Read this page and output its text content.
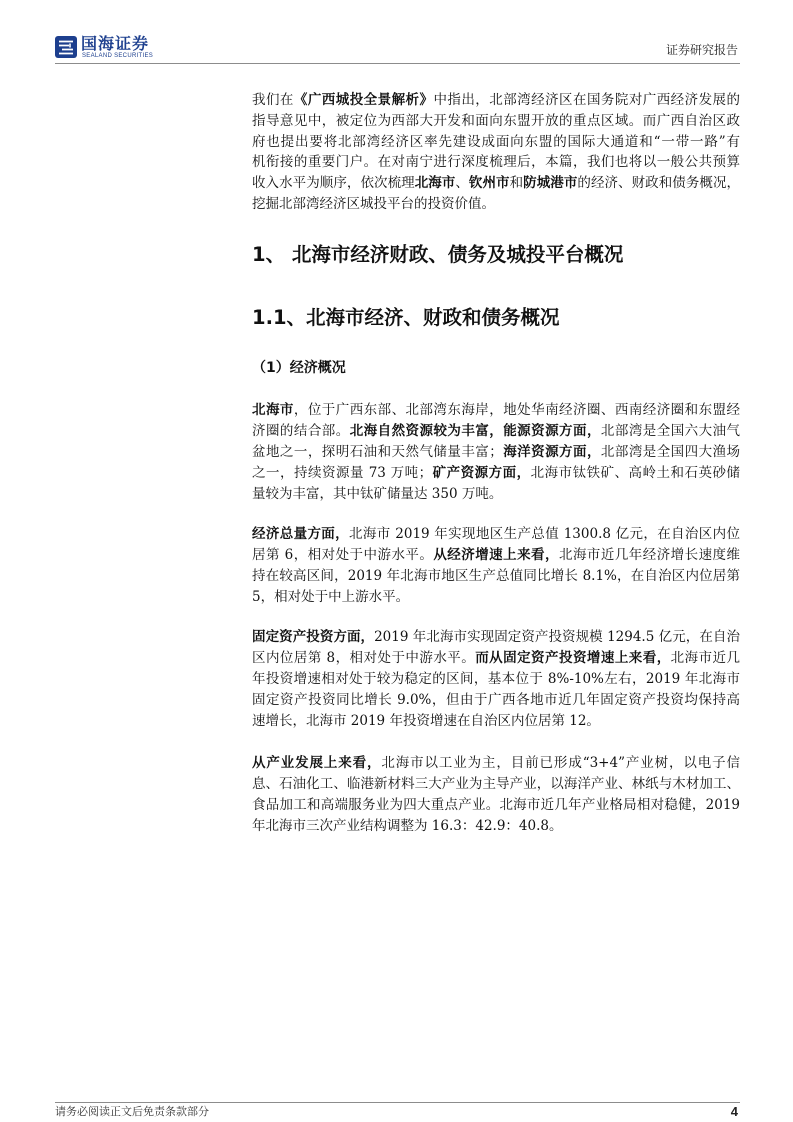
国海证券
SEALAND SECURITIES	证券研究报告
我们在《广西城投全景解析》中指出，北部湾经济区在国务院对广西经济发展的
指导意见中，被定位为西部大开发和面向东盟开放的重点区域。而广西自治区政
府也提出要将北部湾经济区率先建设成面向东盟的国际大通道和“一带一路”有
机衔接的重要门户。在对南宁进行深度梳理后，本篇，我们也将以一般公共预算
收入水平为顺序，依次梳理北海市、钦州市和防城港市的经济、财政和债务概况，
挖掘北部湾经济区城投平台的投资价值。
1、 北海市经济财政、债务及城投平台概况
1.1、北海市经济、财政和债务概况
（1）经济概况
北海市，位于广西东部、北部湾东海岸，地处华南经济圈、西南经济圈和东盟经
济圈的结合部。北海自然资源较为丰富，能源资源方面，北部湾是全国六大油气
盆地之一，探明石油和天然气储量丰富；海洋资源方面，北部湾是全国四大渔场
之一，持续资源量 73 万吨；矿产资源方面，北海市钛铁矿、高岭土和石英砂储
量较为丰富，其中钛矿储量达 350 万吨。
经济总量方面，北海市 2019 年实现地区生产总值 1300.8 亿元，在自治区内位
居第 6，相对处于中游水平。从经济增速上来看，北海市近几年经济增长速度维
持在较高区间，2019 年北海市地区生产总值同比增长 8.1%，在自治区内位居第
5，相对处于中上游水平。
固定资产投资方面，2019 年北海市实现固定资产投资规模 1294.5 亿元，在自治
区内位居第 8，相对处于中游水平。而从固定资产投资增速上来看，北海市近几
年投资增速相对处于较为稳定的区间，基本位于 8%-10%左右，2019 年北海市
固定资产投资同比增长 9.0%，但由于广西各地市近几年固定资产投资均保持高
速增长，北海市 2019 年投资增速在自治区内位居第 12。
从产业发展上来看，北海市以工业为主，目前已形成“3+4”产业树，以电子信
息、石油化工、临港新材料三大产业为主导产业，以海洋产业、林纸与木材加工、
食品加工和高端服务业为四大重点产业。北海市近几年产业格局相对稳健，2019
年北海市三次产业结构调整为 16.3：42.9：40.8。
请务必阅读正文后免责条款部分	4
